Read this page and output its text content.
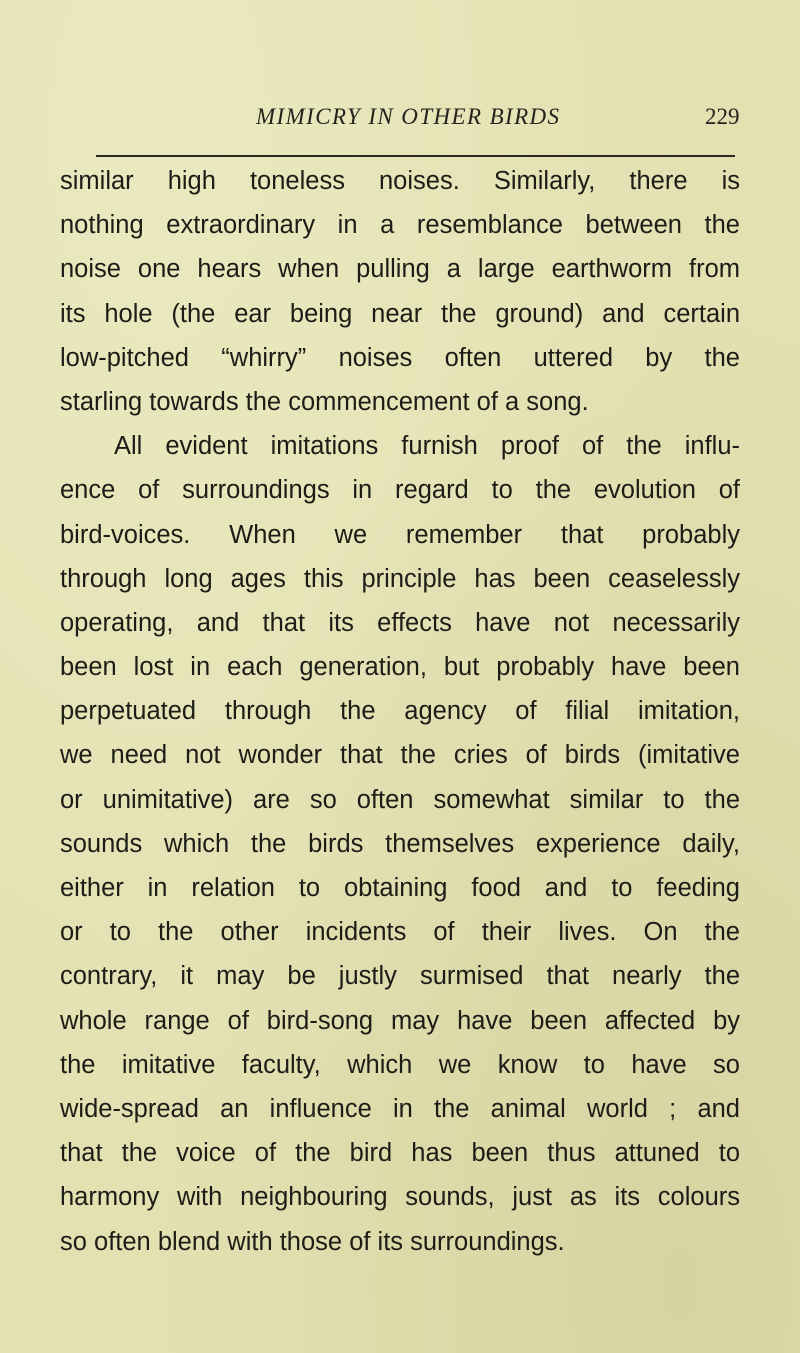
MIMICRY IN OTHER BIRDS	229
similar high toneless noises. Similarly, there is
nothing extraordinary in a resemblance between the
noise one hears when pulling a large earthworm from
its hole (the ear being near the ground) and certain
low-pitched “whirry” noises often uttered by the
starling towards the commencement of a song.
All evident imitations furnish proof of the influ-
ence of surroundings in regard to the evolution of
bird-voices. When we remember that probably
through long ages this principle has been ceaselessly
operating, and that its effects have not necessarily
been lost in each generation, but probably have been
perpetuated through the agency of filial imitation,
we need not wonder that the cries of birds (imitative
or unimitative) are so often somewhat similar to the
sounds which the birds themselves experience daily,
either in relation to obtaining food and to feeding
or to the other incidents of their lives. On the
contrary, it may be justly surmised that nearly the
whole range of bird-song may have been affected by
the imitative faculty, which we know to have so
wide-spread an influence in the animal world ; and
that the voice of the bird has been thus attuned to
harmony with neighbouring sounds, just as its colours
so often blend with those of its surroundings.
